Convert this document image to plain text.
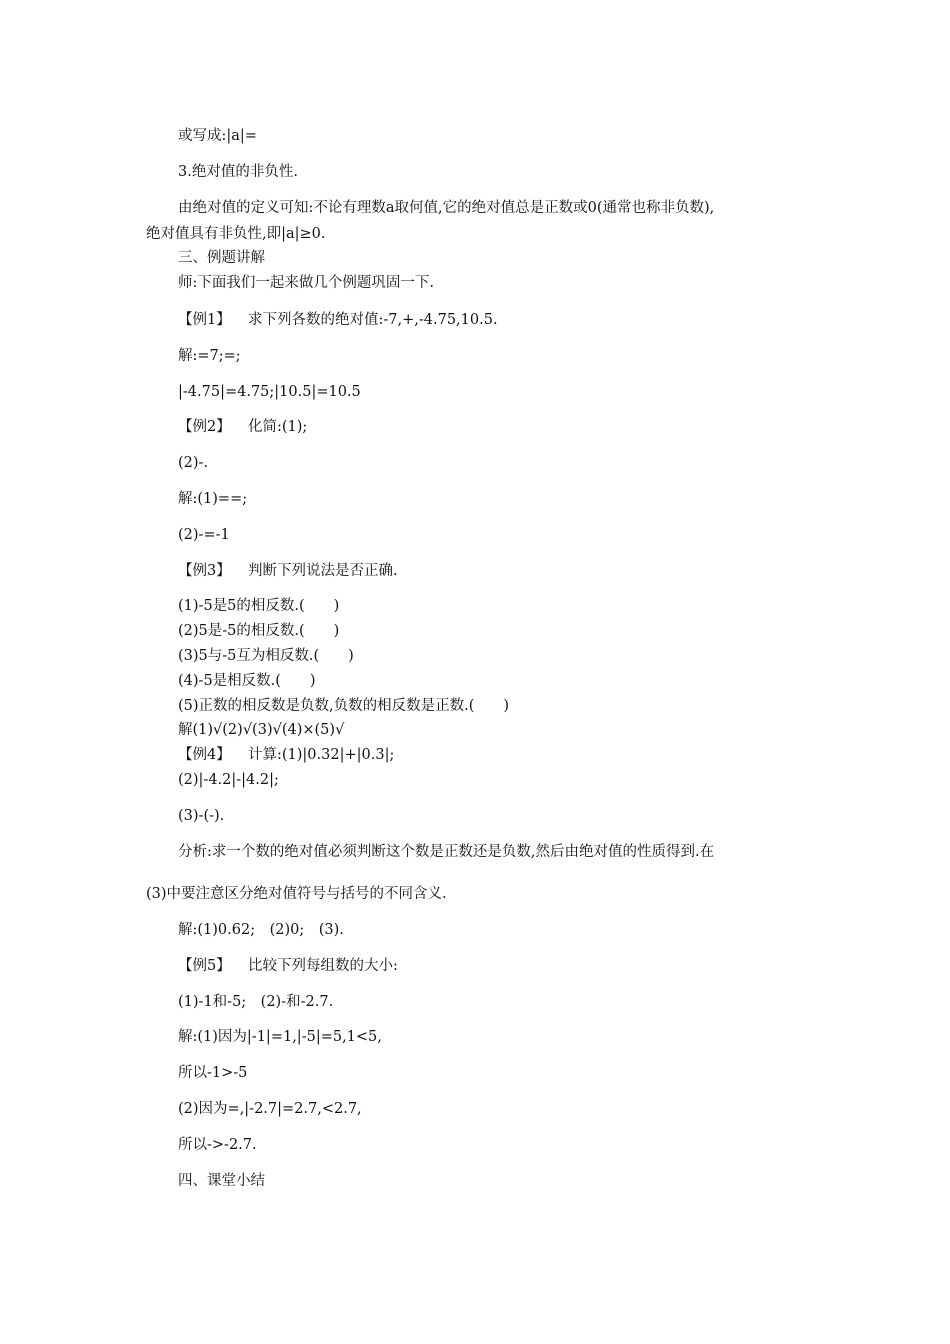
或写成:|a|=
3.绝对值的非负性.
由绝对值的定义可知:不论有理数a取何值,它的绝对值总是正数或0(通常也称非负数),
绝对值具有非负性,即|a|≥0.
三、例题讲解
师:下面我们一起来做几个例题巩固一下.
【例1】 求下列各数的绝对值:-7,+,-4.75,10.5.
解:=7;=;
|-4.75|=4.75;|10.5|=10.5
【例2】 化简:(1);
(2)-.
解:(1)==;
(2)-=-1
【例3】 判断下列说法是否正确.
(1)-5是5的相反数.(　　)
(2)5是-5的相反数.(　　)
(3)5与-5互为相反数.(　　)
(4)-5是相反数.(　　)
(5)正数的相反数是负数,负数的相反数是正数.(　　)
解(1)√(2)√(3)√(4)×(5)√
【例4】 计算:(1)|0.32|+|0.3|;
(2)|-4.2|-|4.2|;
(3)-(-).
分析:求一个数的绝对值必须判断这个数是正数还是负数,然后由绝对值的性质得到.在
(3)中要注意区分绝对值符号与括号的不同含义.
解:(1)0.62;　(2)0;　(3).
【例5】 比较下列每组数的大小:
(1)-1和-5;　(2)-和-2.7.
解:(1)因为|-1|=1,|-5|=5,1<5,
所以-1>-5
(2)因为=,|-2.7|=2.7,<2.7,
所以->-2.7.
四、课堂小结
